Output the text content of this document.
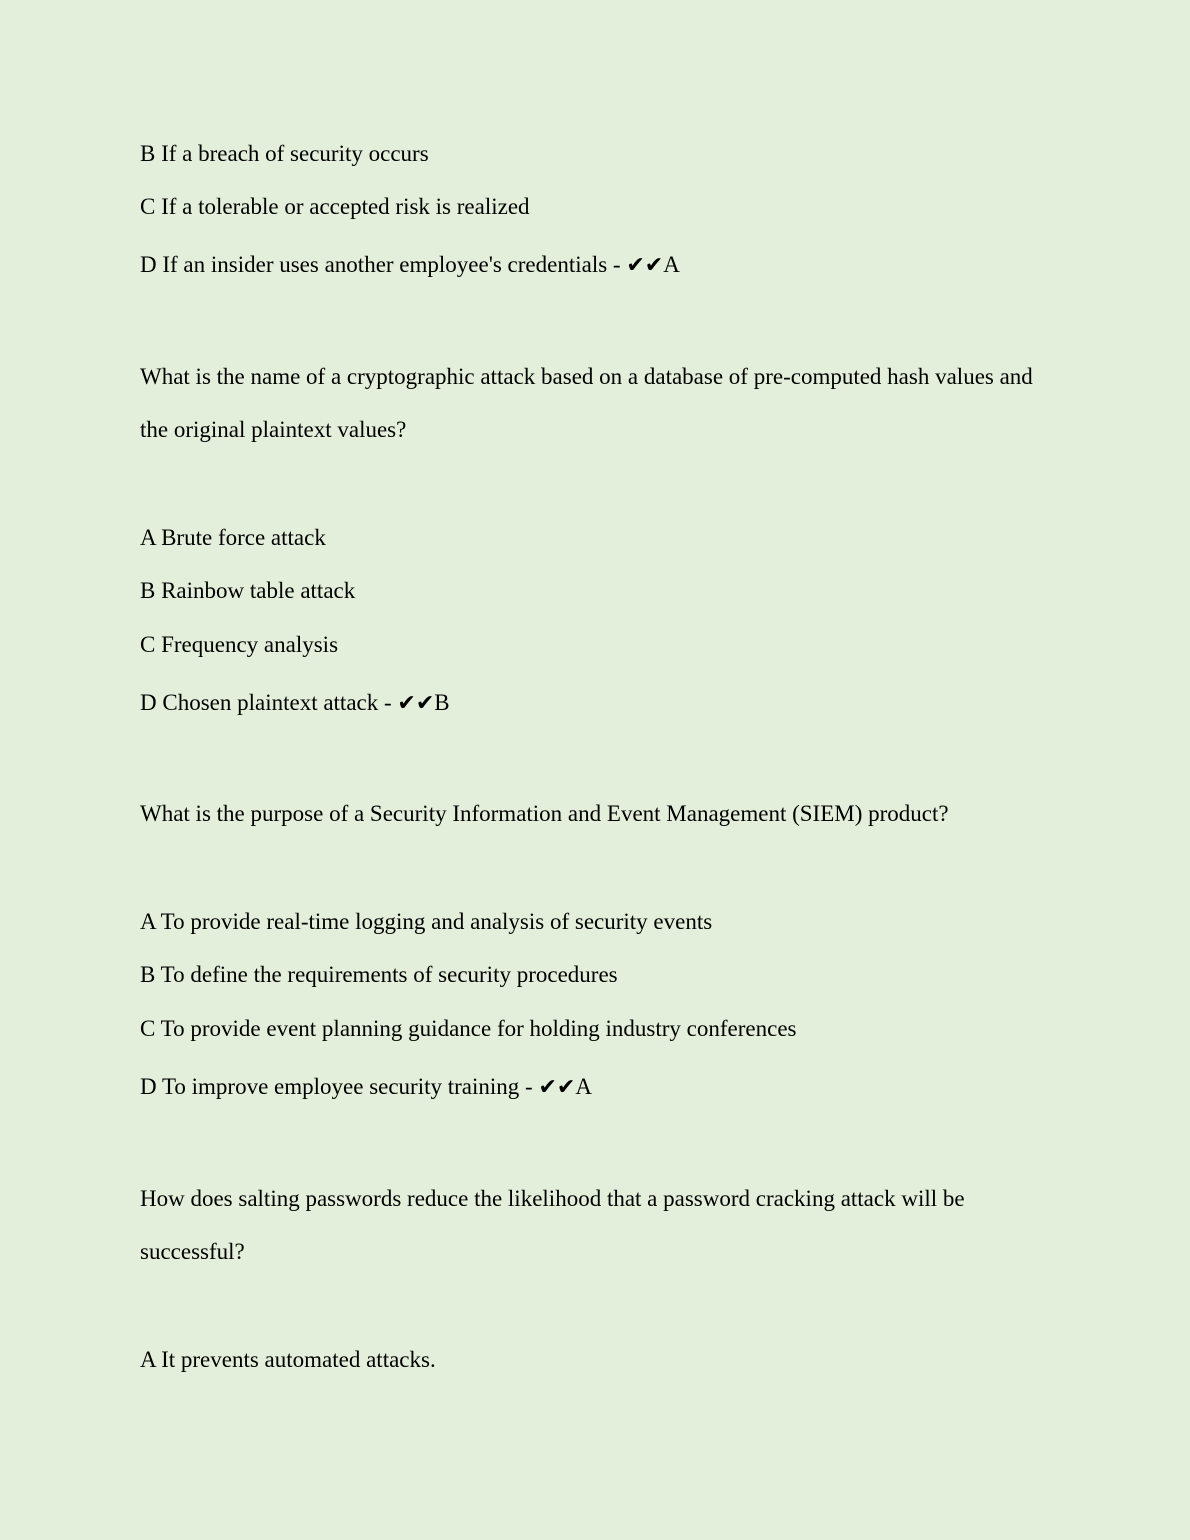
B If a breach of security occurs
C If a tolerable or accepted risk is realized
D If an insider uses another employee's credentials - ✔✔A
What is the name of a cryptographic attack based on a database of pre-computed hash values and
the original plaintext values?
A Brute force attack
B Rainbow table attack
C Frequency analysis
D Chosen plaintext attack - ✔✔B
What is the purpose of a Security Information and Event Management (SIEM) product?
A To provide real-time logging and analysis of security events
B To define the requirements of security procedures
C To provide event planning guidance for holding industry conferences
D To improve employee security training - ✔✔A
How does salting passwords reduce the likelihood that a password cracking attack will be
successful?
A It prevents automated attacks.
